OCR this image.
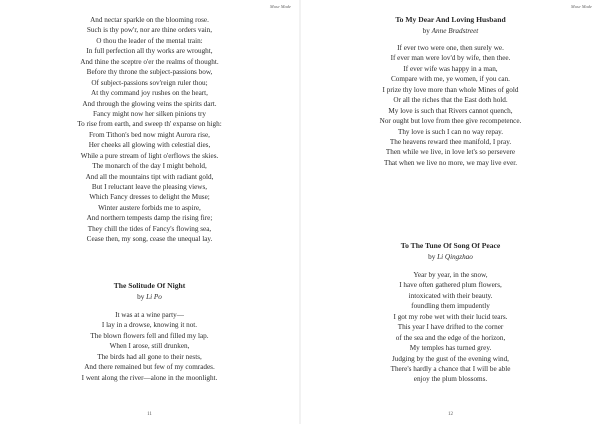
Muse Made
And nectar sparkle on the blooming rose.
Such is thy pow'r, nor are thine orders vain,
O thou the leader of the mental train:
In full perfection all thy works are wrought,
And thine the sceptre o'er the realms of thought.
Before thy throne the subject-passions bow,
Of subject-passions sov'reign ruler thou;
At thy command joy rushes on the heart,
And through the glowing veins the spirits dart.
Fancy might now her silken pinions try
To rise from earth, and sweep th' expanse on high:
From Tithon's bed now might Aurora rise,
Her cheeks all glowing with celestial dies,
While a pure stream of light o'erflows the skies.
The monarch of the day I might behold,
And all the mountains tipt with radiant gold,
But I reluctant leave the pleasing views,
Which Fancy dresses to delight the Muse;
Winter austere forbids me to aspire,
And northern tempests damp the rising fire;
They chill the tides of Fancy's flowing sea,
Cease then, my song, cease the unequal lay.
The Solitude Of Night
by Li Po
It was at a wine party—
I lay in a drowse, knowing it not.
The blown flowers fell and filled my lap.
When I arose, still drunken,
The birds had all gone to their nests,
And there remained but few of my comrades.
I went along the river—alone in the moonlight.
11
Muse Made
To My Dear And Loving Husband
by Anne Bradstreet
If ever two were one, then surely we.
If ever man were lov'd by wife, then thee.
If ever wife was happy in a man,
Compare with me, ye women, if you can.
I prize thy love more than whole Mines of gold
Or all the riches that the East doth hold.
My love is such that Rivers cannot quench,
Nor ought but love from thee give recompetence.
Thy love is such I can no way repay.
The heavens reward thee manifold, I pray.
Then while we live, in love let's so persevere
That when we live no more, we may live ever.
To The Tune Of Song Of Peace
by Li Qingzhao
Year by year, in the snow,
I have often gathered plum flowers,
intoxicated with their beauty.
foundling them impudently
I got my robe wet with their lucid tears.
This year I have drifted to the corner
of the sea and the edge of the horizon,
My temples has turned grey.
Judging by the gust of the evening wind,
There's hardly a chance that I will be able
enjoy the plum blossoms.
12
